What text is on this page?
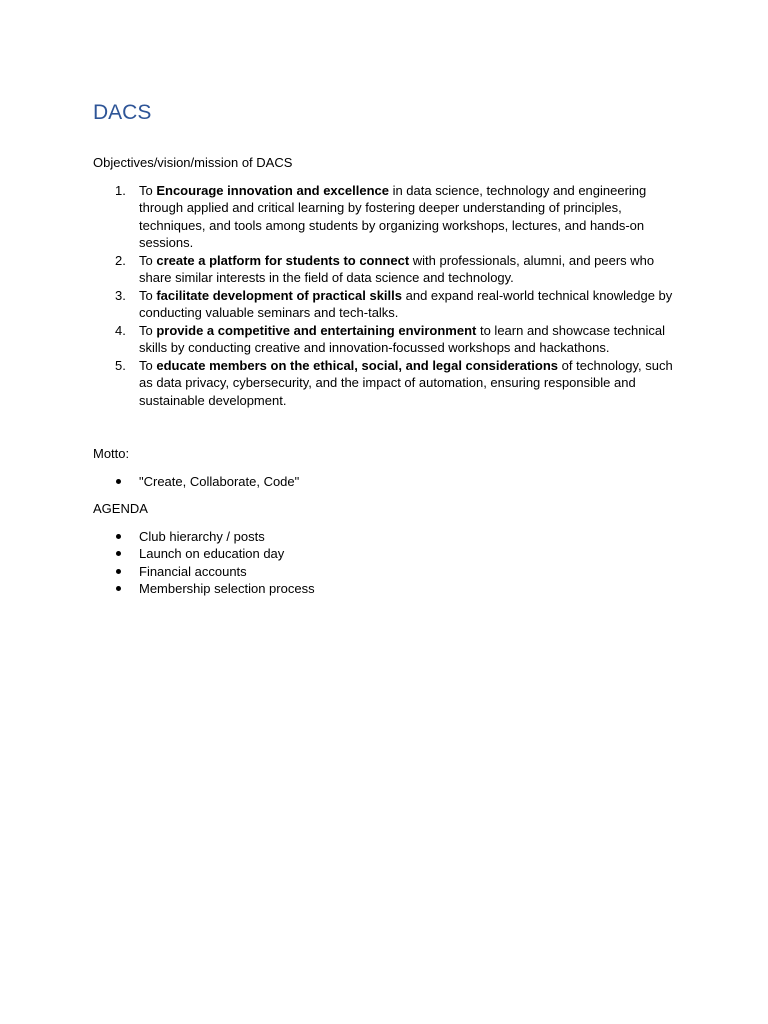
DACS

Objectives/vision/mission of DACS

1. To Encourage innovation and excellence in data science, technology and engineering through applied and critical learning by fostering deeper understanding of principles, techniques, and tools among students by organizing workshops, lectures, and hands-on sessions.
2. To create a platform for students to connect with professionals, alumni, and peers who share similar interests in the field of data science and technology.
3. To facilitate development of practical skills and expand real-world technical knowledge by conducting valuable seminars and tech-talks.
4. To provide a competitive and entertaining environment to learn and showcase technical skills by conducting creative and innovation-focussed workshops and hackathons.
5. To educate members on the ethical, social, and legal considerations of technology, such as data privacy, cybersecurity, and the impact of automation, ensuring responsible and sustainable development.

Motto:

"Create, Collaborate, Code"

AGENDA

Club hierarchy / posts
Launch on education day
Financial accounts
Membership selection process
